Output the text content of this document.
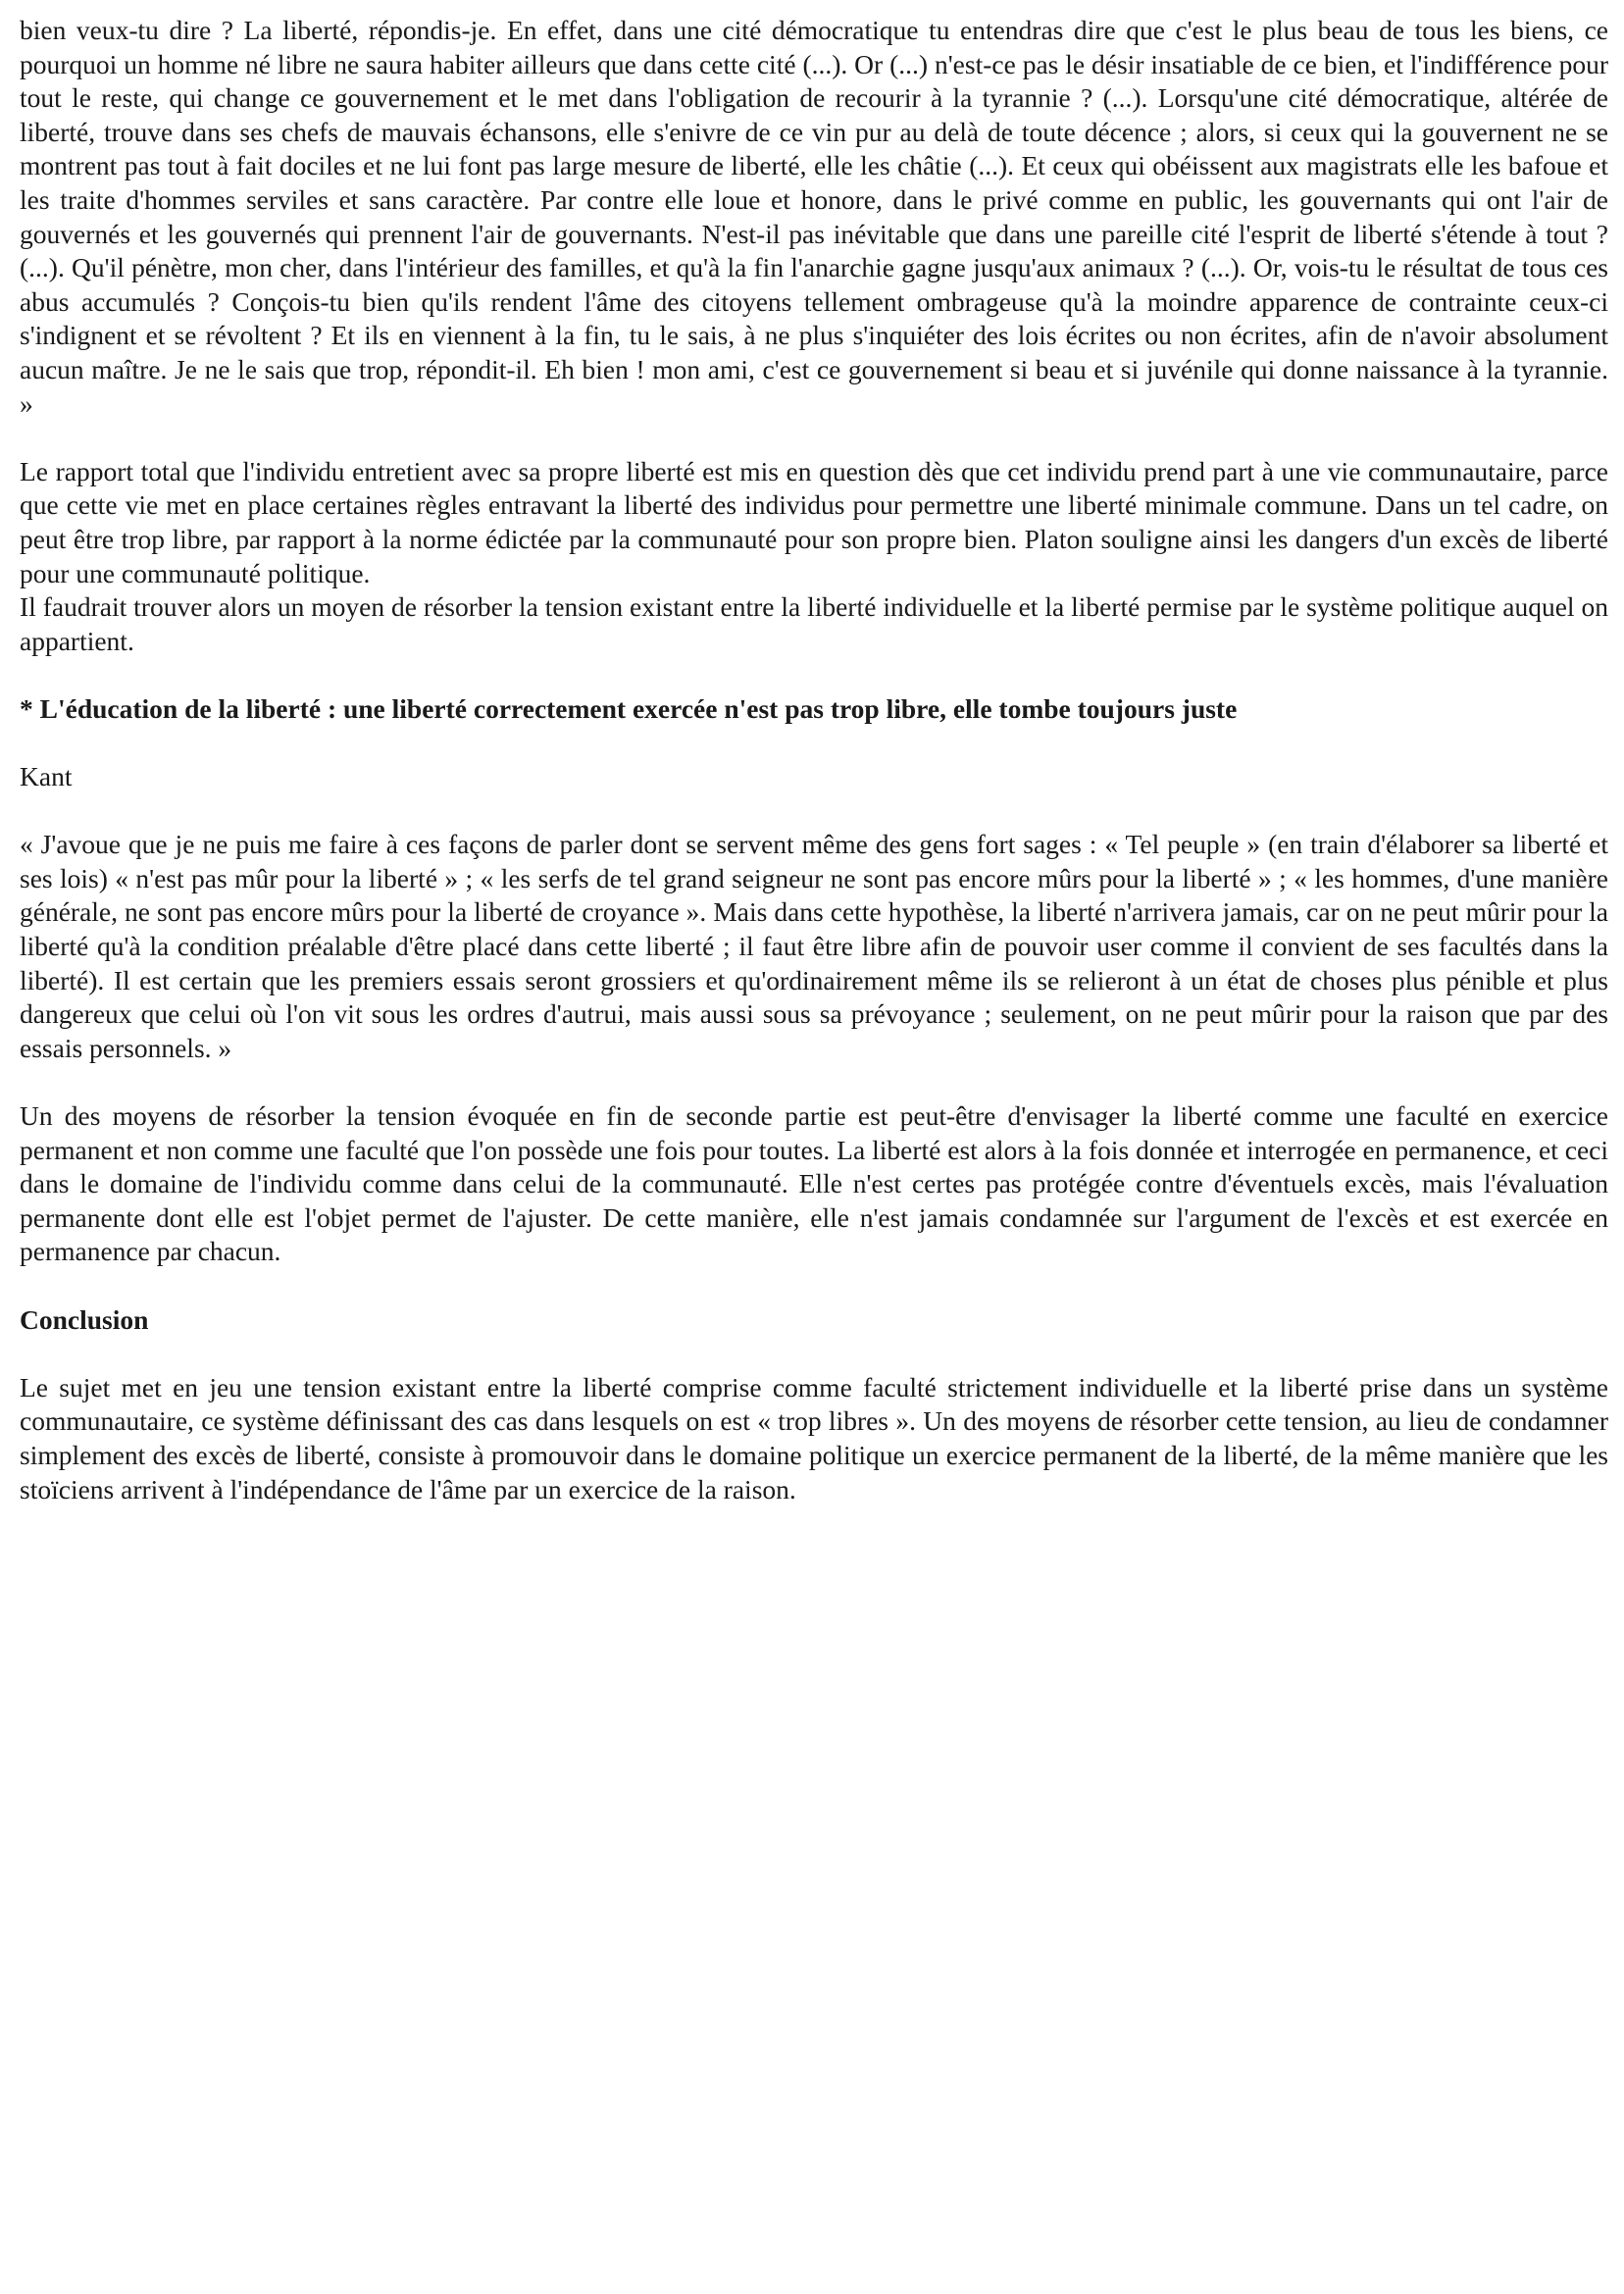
bien veux-tu dire ? La liberté, répondis-je. En effet, dans une cité démocratique tu entendras dire que c'est le plus beau de tous les biens, ce pourquoi un homme né libre ne saura habiter ailleurs que dans cette cité (...). Or (...) n'est-ce pas le désir insatiable de ce bien, et l'indifférence pour tout le reste, qui change ce gouvernement et le met dans l'obligation de recourir à la tyrannie ? (...). Lorsqu'une cité démocratique, altérée de liberté, trouve dans ses chefs de mauvais échansons, elle s'enivre de ce vin pur au delà de toute décence ; alors, si ceux qui la gouvernent ne se montrent pas tout à fait dociles et ne lui font pas large mesure de liberté, elle les châtie (...). Et ceux qui obéissent aux magistrats elle les bafoue et les traite d'hommes serviles et sans caractère. Par contre elle loue et honore, dans le privé comme en public, les gouvernants qui ont l'air de gouvernés et les gouvernés qui prennent l'air de gouvernants. N'est-il pas inévitable que dans une pareille cité l'esprit de liberté s'étende à tout ? (...). Qu'il pénètre, mon cher, dans l'intérieur des familles, et qu'à la fin l'anarchie gagne jusqu'aux animaux ? (...). Or, vois-tu le résultat de tous ces abus accumulés ? Conçois-tu bien qu'ils rendent l'âme des citoyens tellement ombrageuse qu'à la moindre apparence de contrainte ceux-ci s'indignent et se révoltent ? Et ils en viennent à la fin, tu le sais, à ne plus s'inquiéter des lois écrites ou non écrites, afin de n'avoir absolument aucun maître. Je ne le sais que trop, répondit-il. Eh bien ! mon ami, c'est ce gouvernement si beau et si juvénile qui donne naissance à la tyrannie. »

Le rapport total que l'individu entretient avec sa propre liberté est mis en question dès que cet individu prend part à une vie communautaire, parce que cette vie met en place certaines règles entravant la liberté des individus pour permettre une liberté minimale commune. Dans un tel cadre, on peut être trop libre, par rapport à la norme édictée par la communauté pour son propre bien. Platon souligne ainsi les dangers d'un excès de liberté pour une communauté politique.

Il faudrait trouver alors un moyen de résorber la tension existant entre la liberté individuelle et la liberté permise par le système politique auquel on appartient.

* L'éducation de la liberté : une liberté correctement exercée n'est pas trop libre, elle tombe toujours juste

Kant

« J'avoue que je ne puis me faire à ces façons de parler dont se servent même des gens fort sages : « Tel peuple » (en train d'élaborer sa liberté et ses lois) « n'est pas mûr pour la liberté » ; « les serfs de tel grand seigneur ne sont pas encore mûrs pour la liberté » ; « les hommes, d'une manière générale, ne sont pas encore mûrs pour la liberté de croyance ». Mais dans cette hypothèse, la liberté n'arrivera jamais, car on ne peut mûrir pour la liberté qu'à la condition préalable d'être placé dans cette liberté ; il faut être libre afin de pouvoir user comme il convient de ses facultés dans la liberté). Il est certain que les premiers essais seront grossiers et qu'ordinairement même ils se relieront à un état de choses plus pénible et plus dangereux que celui où l'on vit sous les ordres d'autrui, mais aussi sous sa prévoyance ; seulement, on ne peut mûrir pour la raison que par des essais personnels. »

Un des moyens de résorber la tension évoquée en fin de seconde partie est peut-être d'envisager la liberté comme une faculté en exercice permanent et non comme une faculté que l'on possède une fois pour toutes. La liberté est alors à la fois donnée et interrogée en permanence, et ceci dans le domaine de l'individu comme dans celui de la communauté. Elle n'est certes pas protégée contre d'éventuels excès, mais l'évaluation permanente dont elle est l'objet permet de l'ajuster. De cette manière, elle n'est jamais condamnée sur l'argument de l'excès et est exercée en permanence par chacun.

Conclusion

Le sujet met en jeu une tension existant entre la liberté comprise comme faculté strictement individuelle et la liberté prise dans un système communautaire, ce système définissant des cas dans lesquels on est « trop libres ». Un des moyens de résorber cette tension, au lieu de condamner simplement des excès de liberté, consiste à promouvoir dans le domaine politique un exercice permanent de la liberté, de la même manière que les stoïciens arrivent à l'indépendance de l'âme par un exercice de la raison.
